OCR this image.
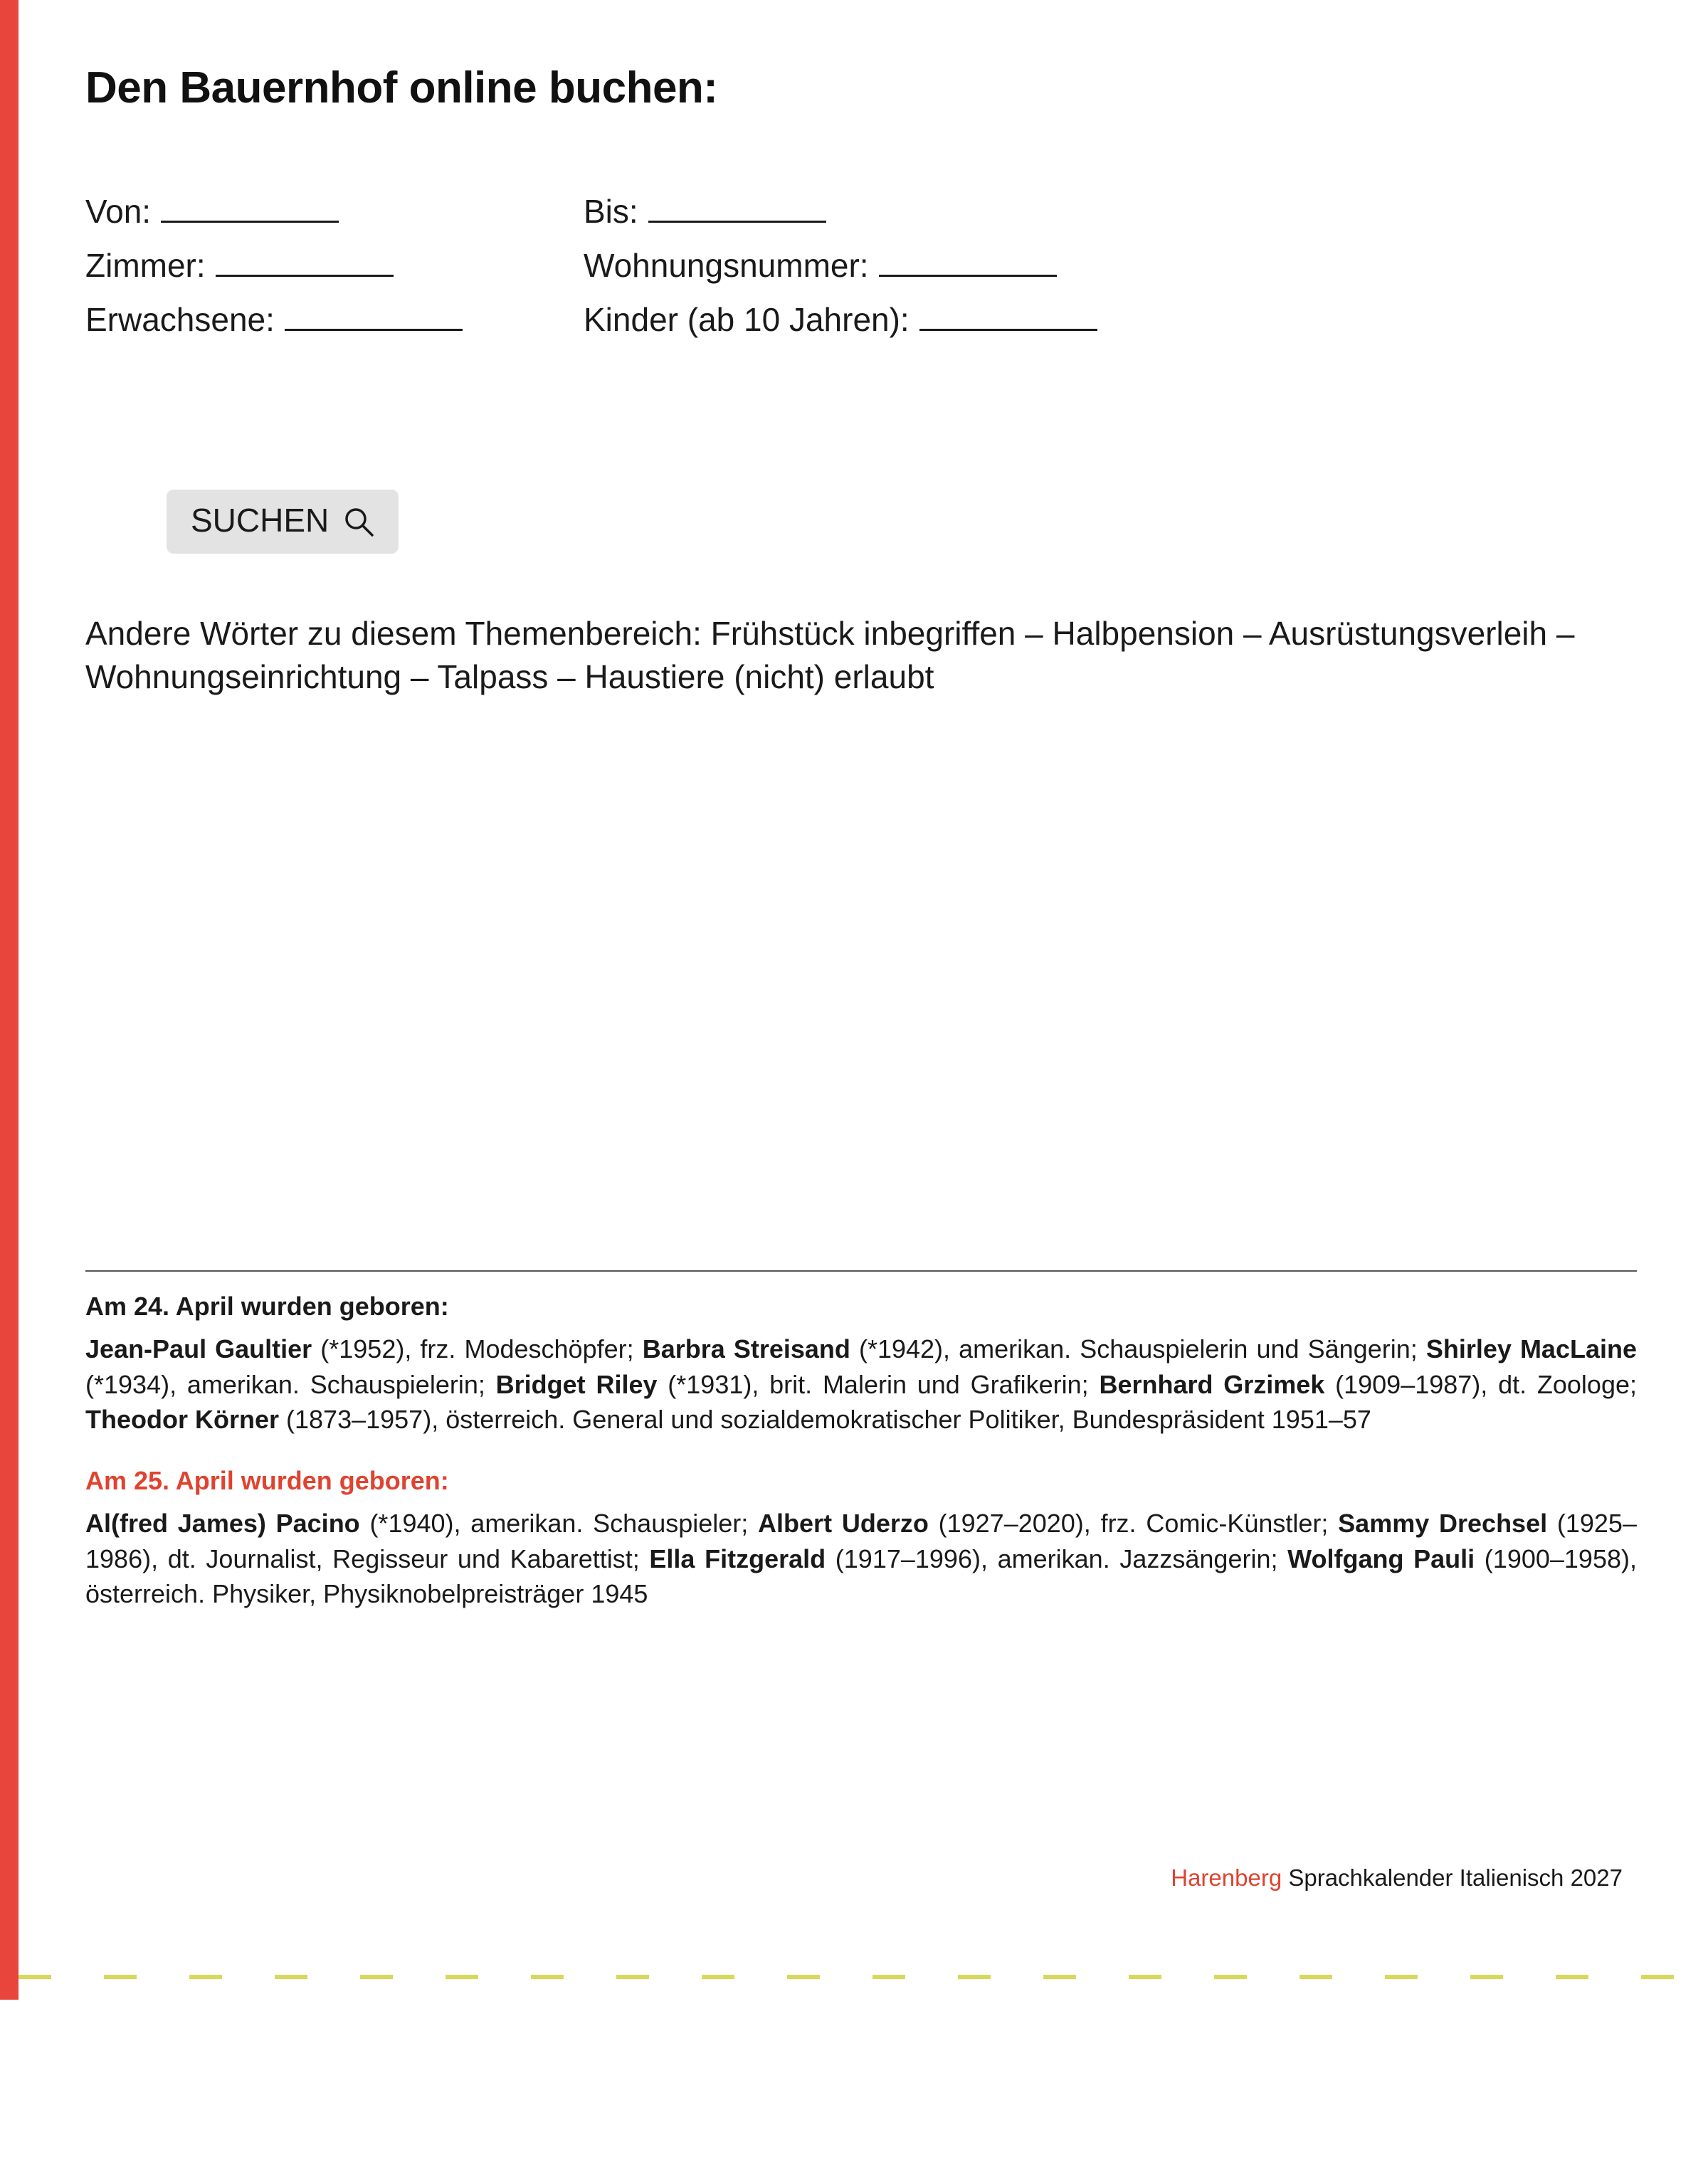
Den Bauernhof online buchen:
Von:	Bis:
Zimmer:	Wohnungsnummer:
Erwachsene:	Kinder (ab 10 Jahren):
SUCHEN
Andere Wörter zu diesem Themenbereich: Frühstück inbegriffen – Halbpension – Ausrüstungsverleih – Wohnungseinrichtung – Talpass – Haustiere (nicht) erlaubt
Am 24. April wurden geboren:
Jean-Paul Gaultier (*1952), frz. Modeschöpfer; Barbra Streisand (*1942), amerikan. Schauspielerin und Sängerin; Shirley MacLaine (*1934), amerikan. Schauspielerin; Bridget Riley (*1931), brit. Malerin und Grafikerin; Bernhard Grzimek (1909–1987), dt. Zoologe; Theodor Körner (1873–1957), österreich. General und sozialdemokratischer Politiker, Bundespräsident 1951–57
Am 25. April wurden geboren:
Al(fred James) Pacino (*1940), amerikan. Schauspieler; Albert Uderzo (1927–2020), frz. Comic-Künstler; Sammy Drechsel (1925–1986), dt. Journalist, Regisseur und Kabarettist; Ella Fitzgerald (1917–1996), amerikan. Jazzsängerin; Wolfgang Pauli (1900–1958), österreich. Physiker, Physiknobelpreisträger 1945
Harenberg Sprachkalender Italienisch 2027
